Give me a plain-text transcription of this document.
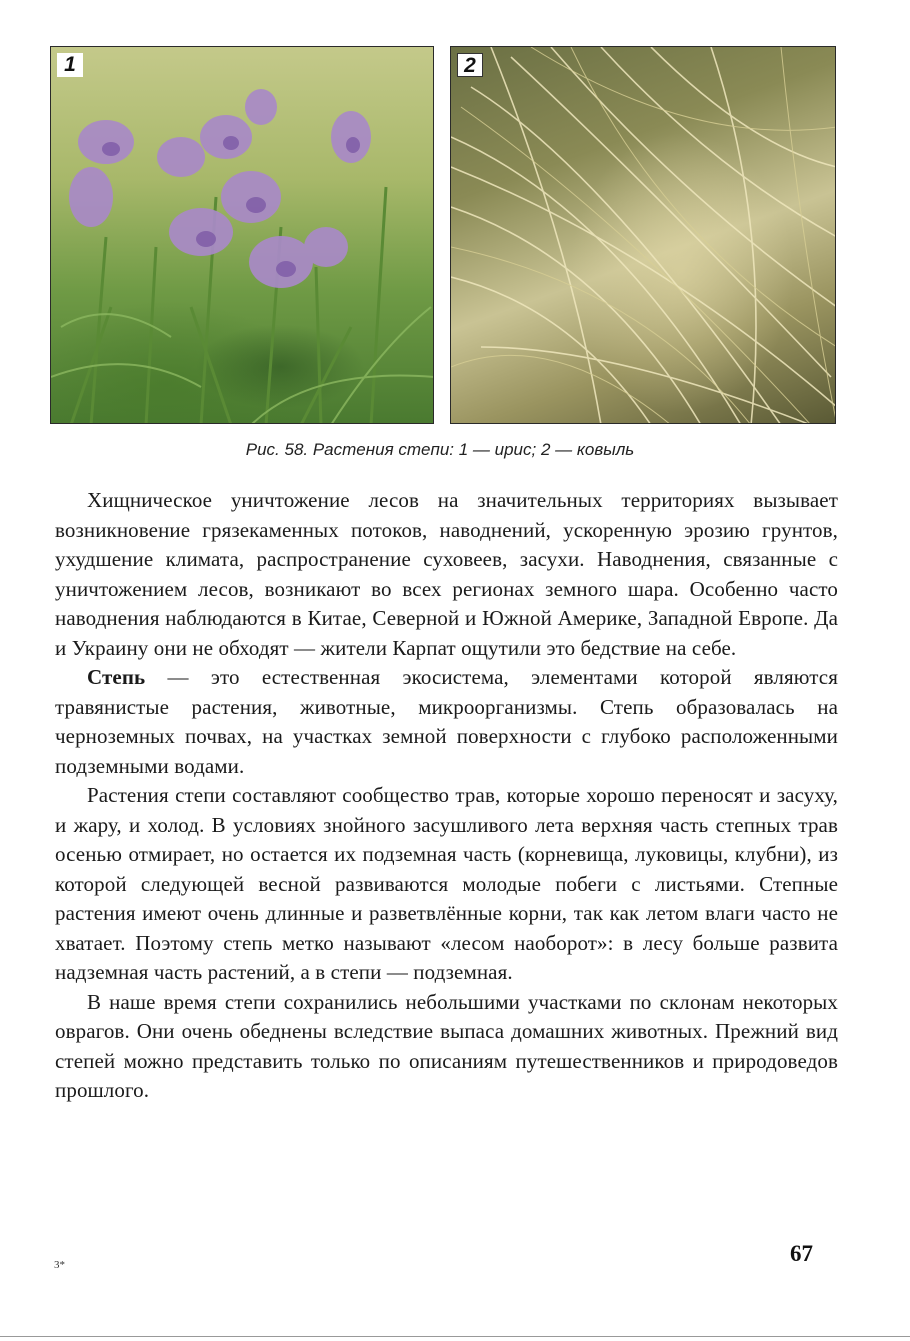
1	2
Рис. 58. Растения степи: 1 — ирис; 2 — ковыль

Хищническое уничтожение лесов на значительных территориях вызывает возникновение грязекаменных потоков, наводнений, ускоренную эрозию грунтов, ухудшение климата, распространение суховеев, засухи. Наводнения, связанные с уничтожением лесов, возникают во всех регионах земного шара. Особенно часто наводнения наблюдаются в Китае, Северной и Южной Америке, Западной Европе. Да и Украину они не обходят — жители Карпат ощутили это бедствие на себе.

Степь — это естественная экосистема, элементами которой являются травянистые растения, животные, микроорганизмы. Степь образовалась на черноземных почвах, на участках земной поверхности с глубоко расположенными подземными водами.

Растения степи составляют сообщество трав, которые хорошо переносят и засуху, и жару, и холод. В условиях знойного засушливого лета верхняя часть степных трав осенью отмирает, но остается их подземная часть (корневища, луковицы, клубни), из которой следующей весной развиваются молодые побеги с листьями. Степные растения имеют очень длинные и разветвлённые корни, так как летом влаги часто не хватает. Поэтому степь метко называют «лесом наоборот»: в лесу больше развита надземная часть растений, а в степи — подземная.

В наше время степи сохранились небольшими участками по склонам некоторых оврагов. Они очень обеднены вследствие выпаса домашних животных. Прежний вид степей можно представить только по описаниям путешественников и природоведов прошлого.

3*	67
